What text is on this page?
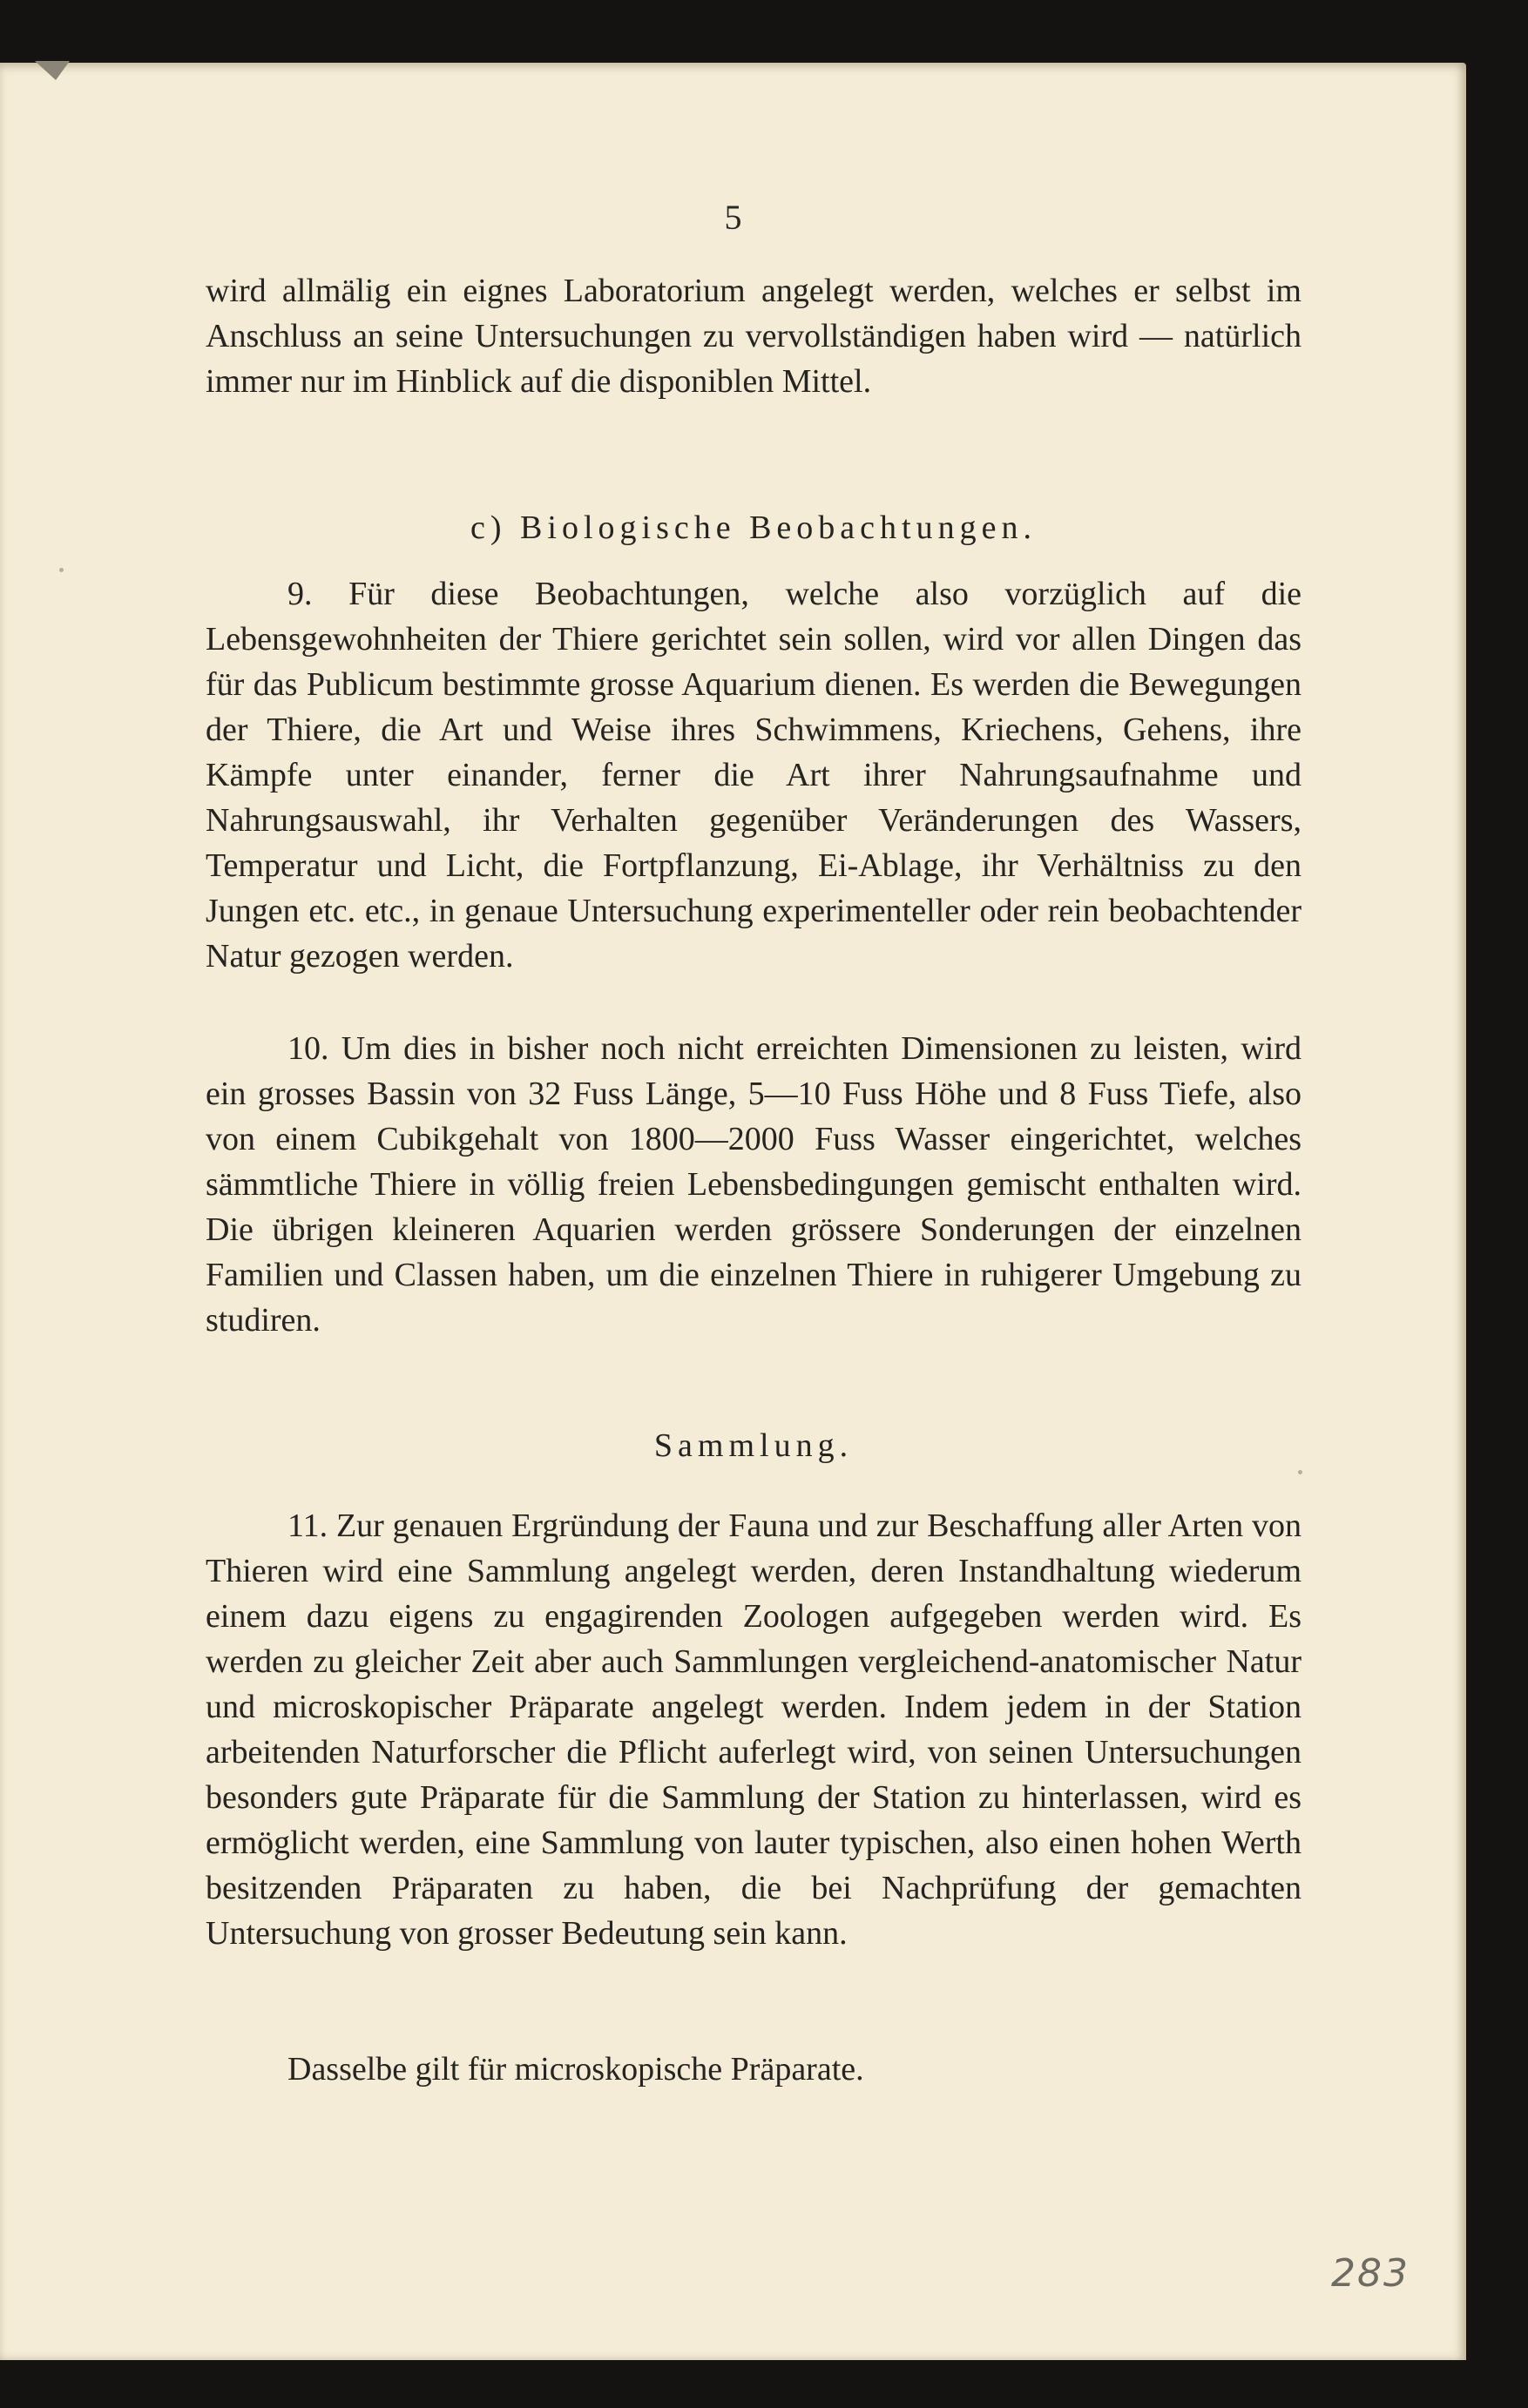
5

wird allmälig ein eignes Laboratorium angelegt werden, welches er selbst im Anschluss an seine Untersuchungen zu vervollständigen haben wird — natürlich immer nur im Hinblick auf die disponiblen Mittel.

c) Biologische Beobachtungen.

9. Für diese Beobachtungen, welche also vorzüglich auf die Lebensgewohnheiten der Thiere gerichtet sein sollen, wird vor allen Dingen das für das Publicum bestimmte grosse Aquarium dienen. Es werden die Bewegungen der Thiere, die Art und Weise ihres Schwimmens, Kriechens, Gehens, ihre Kämpfe unter einander, ferner die Art ihrer Nahrungsaufnahme und Nahrungsauswahl, ihr Verhalten gegenüber Veränderungen des Wassers, Temperatur und Licht, die Fortpflanzung, Ei-Ablage, ihr Verhältniss zu den Jungen etc. etc., in genaue Untersuchung experimenteller oder rein beobachtender Natur gezogen werden.

10. Um dies in bisher noch nicht erreichten Dimensionen zu leisten, wird ein grosses Bassin von 32 Fuss Länge, 5—10 Fuss Höhe und 8 Fuss Tiefe, also von einem Cubikgehalt von 1800—2000 Fuss Wasser eingerichtet, welches sämmtliche Thiere in völlig freien Lebensbedingungen gemischt enthalten wird. Die übrigen kleineren Aquarien werden grössere Sonderungen der einzelnen Familien und Classen haben, um die einzelnen Thiere in ruhigerer Umgebung zu studiren.

Sammlung.

11. Zur genauen Ergründung der Fauna und zur Beschaffung aller Arten von Thieren wird eine Sammlung angelegt werden, deren Instandhaltung wiederum einem dazu eigens zu engagirenden Zoologen aufgegeben werden wird. Es werden zu gleicher Zeit aber auch Sammlungen vergleichend-anatomischer Natur und microskopischer Präparate angelegt werden. Indem jedem in der Station arbeitenden Naturforscher die Pflicht auferlegt wird, von seinen Untersuchungen besonders gute Präparate für die Sammlung der Station zu hinterlassen, wird es ermöglicht werden, eine Sammlung von lauter typischen, also einen hohen Werth besitzenden Präparaten zu haben, die bei Nachprüfung der gemachten Untersuchung von grosser Bedeutung sein kann.

Dasselbe gilt für microskopische Präparate.

283
